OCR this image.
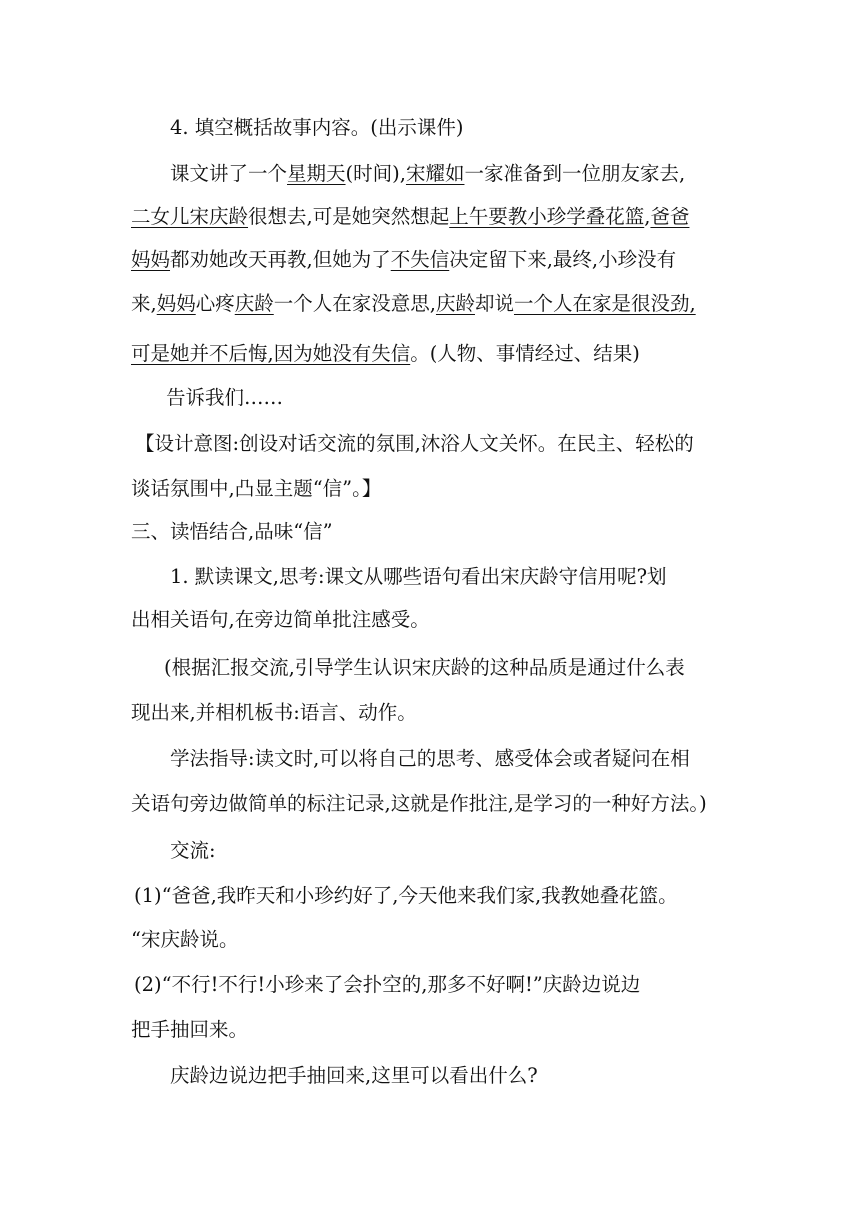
4. 填空概括故事内容。(出示课件)
课文讲了一个星期天(时间),宋耀如一家准备到一位朋友家去,
二女儿宋庆龄很想去,可是她突然想起上午要教小珍学叠花篮,爸爸
妈妈都劝她改天再教,但她为了不失信决定留下来,最终,小珍没有
来,妈妈心疼庆龄一个人在家没意思,庆龄却说一个人在家是很没劲,
可是她并不后悔,因为她没有失信。(人物、事情经过、结果)
告诉我们……
【设计意图:创设对话交流的氛围,沐浴人文关怀。在民主、轻松的
谈话氛围中,凸显主题“信”。】
三、读悟结合,品味“信”
1. 默读课文,思考:课文从哪些语句看出宋庆龄守信用呢?划
出相关语句,在旁边简单批注感受。
(根据汇报交流,引导学生认识宋庆龄的这种品质是通过什么表
现出来,并相机板书:语言、动作。
学法指导:读文时,可以将自己的思考、感受体会或者疑问在相
关语句旁边做简单的标注记录,这就是作批注,是学习的一种好方法。)
交流:
(1)“爸爸,我昨天和小珍约好了,今天他来我们家,我教她叠花篮。
“宋庆龄说。
(2)“不行!不行!小珍来了会扑空的,那多不好啊!”庆龄边说边
把手抽回来。
庆龄边说边把手抽回来,这里可以看出什么?
